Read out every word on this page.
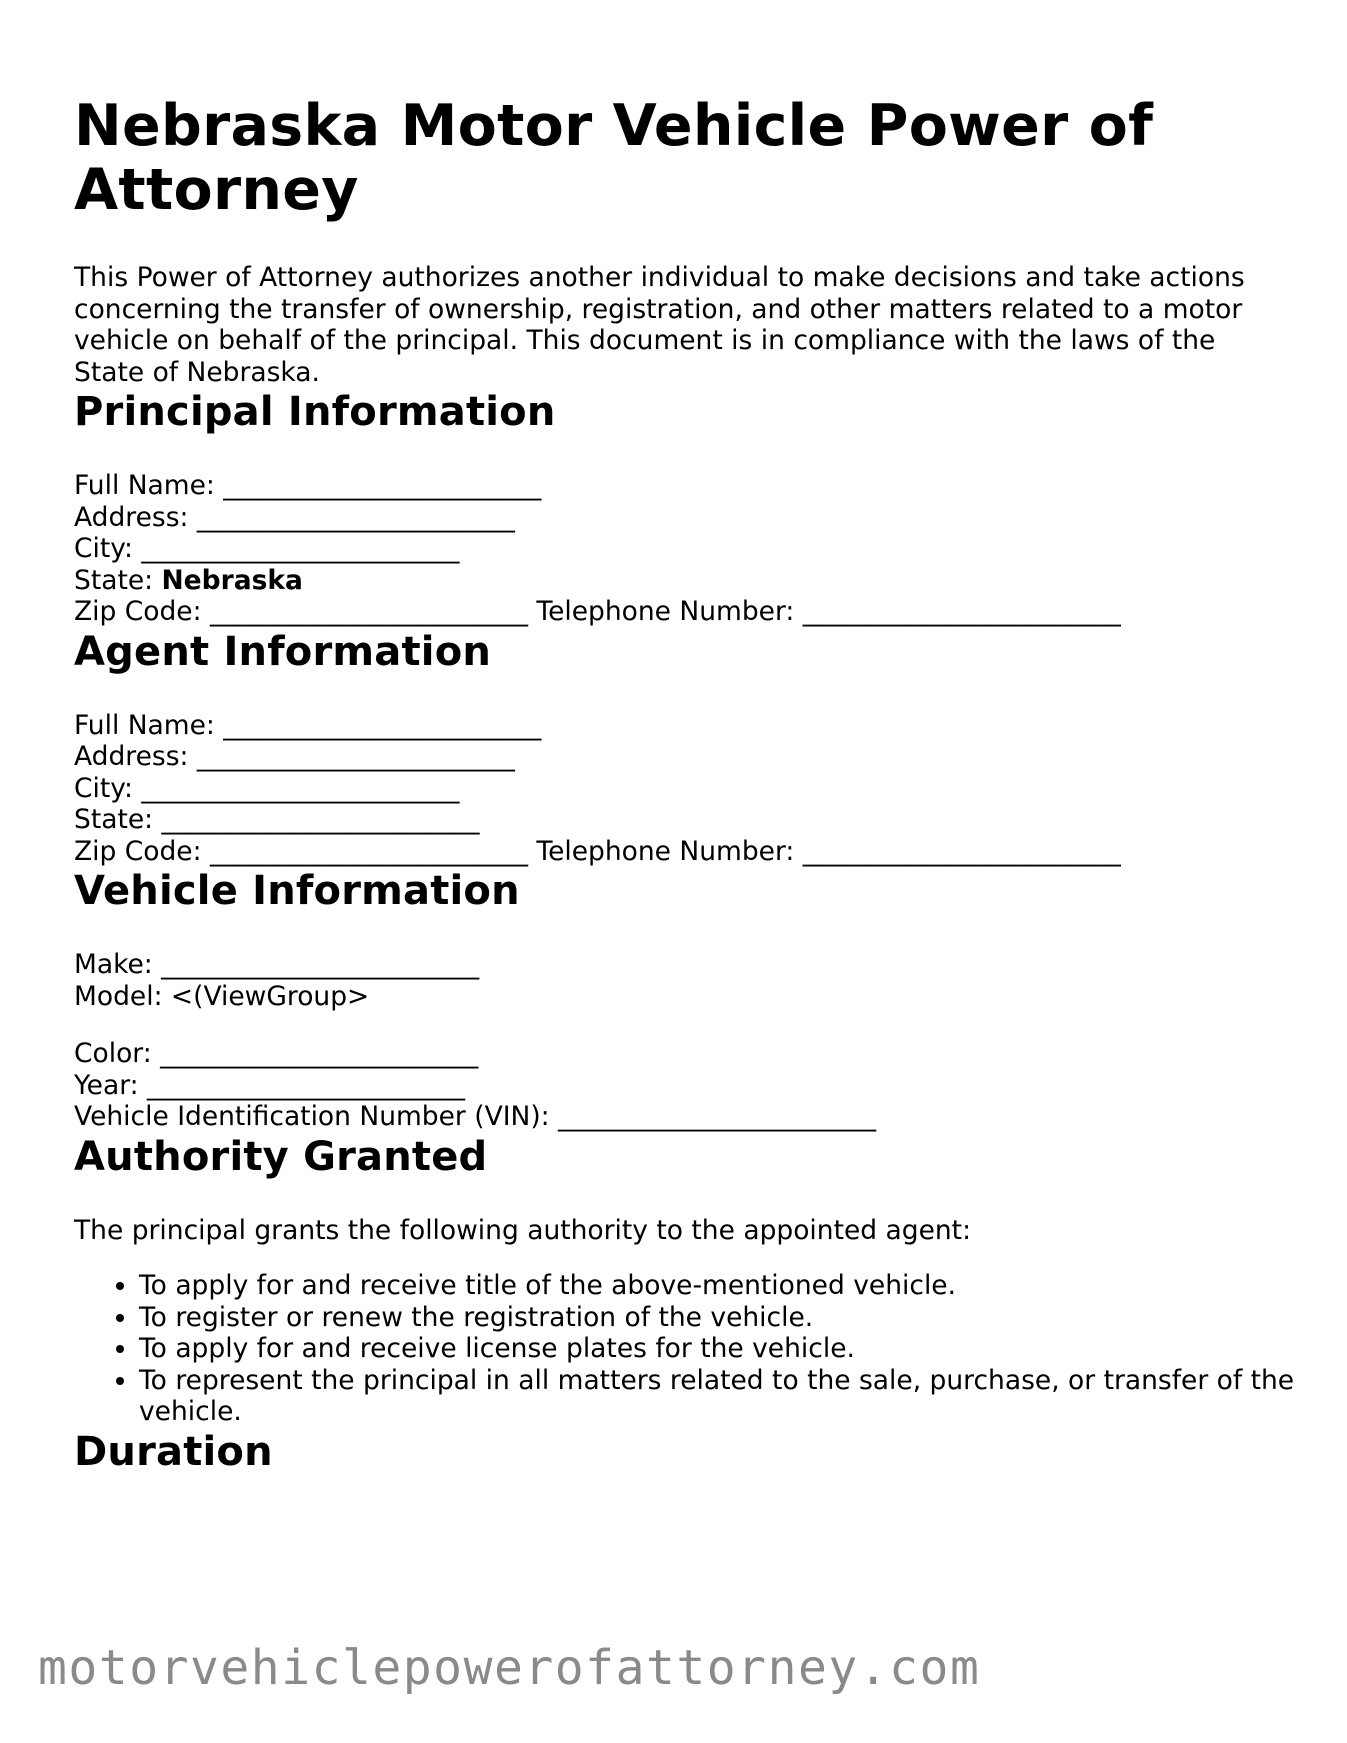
Nebraska Motor Vehicle Power of Attorney

This Power of Attorney authorizes another individual to make decisions and take actions concerning the transfer of ownership, registration, and other matters related to a motor vehicle on behalf of the principal. This document is in compliance with the laws of the State of Nebraska.

Principal Information
Full Name: ________________________
Address: ________________________
City: ________________________
State: Nebraska
Zip Code: ________________________ Telephone Number: ________________________
Agent Information
Full Name: ________________________
Address: ________________________
City: ________________________
State: ________________________
Zip Code: ________________________ Telephone Number: ________________________
Vehicle Information
Make: ________________________
Model: <(ViewGroup>
Color: ________________________
Year: ________________________
Vehicle Identification Number (VIN): ________________________
Authority Granted

The principal grants the following authority to the appointed agent:

• To apply for and receive title of the above-mentioned vehicle.
• To register or renew the registration of the vehicle.
• To apply for and receive license plates for the vehicle.
• To represent the principal in all matters related to the sale, purchase, or transfer of the vehicle.
Duration
motorvehiclepowerofattorney.com
